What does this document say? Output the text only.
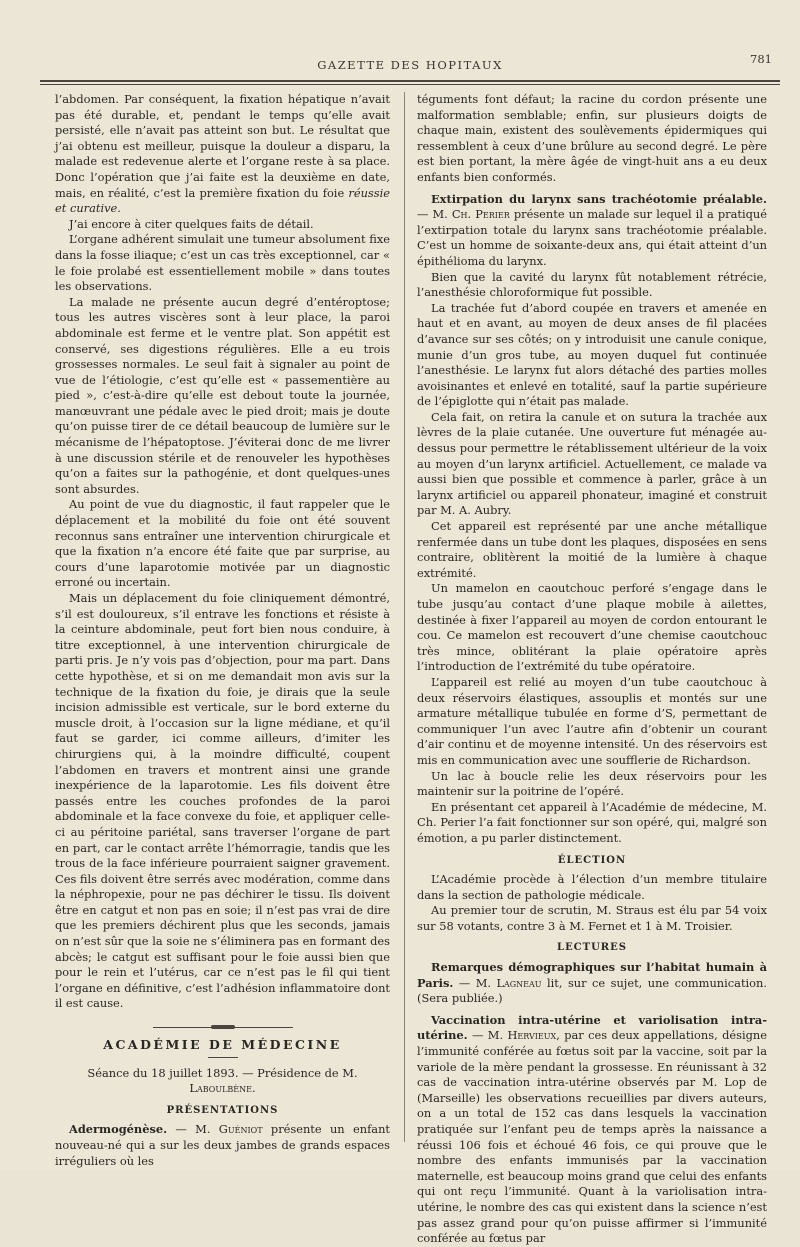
GAZETTE DES HOPITAUX	781

l’abdomen. Par conséquent, la fixation hépatique n’avait pas été durable, et, pendant le temps qu’elle avait persisté, elle n’avait pas atteint son but. Le résultat que j’ai obtenu est meilleur, puisque la douleur a disparu, la malade est redevenue alerte et l’organe reste à sa place. Donc l’opération que j’ai faite est la deuxième en date, mais, en réalité, c’est la première fixation du foie réussie et curative.

J’ai encore à citer quelques faits de détail.

L’organe adhérent simulait une tumeur absolument fixe dans la fosse iliaque; c’est un cas très exceptionnel, car « le foie prolabé est essentiellement mobile » dans toutes les observations.

La malade ne présente aucun degré d’entéroptose; tous les autres viscères sont à leur place, la paroi abdominale est ferme et le ventre plat. Son appétit est conservé, ses digestions régulières. Elle a eu trois grossesses normales. Le seul fait à signaler au point de vue de l’étiologie, c’est qu’elle est « passementière au pied », c’est-à-dire qu’elle est debout toute la journée, manœuvrant une pédale avec le pied droit; mais je doute qu’on puisse tirer de ce détail beaucoup de lumière sur le mécanisme de l’hépatoptose. J’éviterai donc de me livrer à une discussion stérile et de renouveler les hypothèses qu’on a faites sur la pathogénie, et dont quelques-unes sont absurdes.

Au point de vue du diagnostic, il faut rappeler que le déplacement et la mobilité du foie ont été souvent reconnus sans entraîner une intervention chirurgicale et que la fixation n’a encore été faite que par surprise, au cours d’une laparotomie motivée par un diagnostic erroné ou incertain.

Mais un déplacement du foie cliniquement démontré, s’il est douloureux, s’il entrave les fonctions et résiste à la ceinture abdominale, peut fort bien nous conduire, à titre exceptionnel, à une intervention chirurgicale de parti pris. Je n’y vois pas d’objection, pour ma part. Dans cette hypothèse, et si on me demandait mon avis sur la technique de la fixation du foie, je dirais que la seule incision admissible est verticale, sur le bord externe du muscle droit, à l’occasion sur la ligne médiane, et qu’il faut se garder, ici comme ailleurs, d’imiter les chirurgiens qui, à la moindre difficulté, coupent l’abdomen en travers et montrent ainsi une grande inexpérience de la laparotomie. Les fils doivent être passés entre les couches profondes de la paroi abdominale et la face convexe du foie, et appliquer celle-ci au péritoine pariétal, sans traverser l’organe de part en part, car le contact arrête l’hémorragie, tandis que les trous de la face inférieure pourraient saigner gravement. Ces fils doivent être serrés avec modération, comme dans la néphropexie, pour ne pas déchirer le tissu. Ils doivent être en catgut et non pas en soie; il n’est pas vrai de dire que les premiers déchirent plus que les seconds, jamais on n’est sûr que la soie ne s’éliminera pas en formant des abcès; le catgut est suffisant pour le foie aussi bien que pour le rein et l’utérus, car ce n’est pas le fil qui tient l’organe en définitive, c’est l’adhésion inflammatoire dont il est cause.

ACADÉMIE DE MÉDECINE

Séance du 18 juillet 1893. — Présidence de M. Laboulbène.

PRÉSENTATIONS

Adermogénèse. — M. Guéniot présente un enfant nouveau-né qui a sur les deux jambes de grands espaces irréguliers où les

téguments font défaut; la racine du cordon présente une malformation semblable; enfin, sur plusieurs doigts de chaque main, existent des soulèvements épidermiques qui ressemblent à ceux d’une brûlure au second degré. Le père est bien portant, la mère âgée de vingt-huit ans a eu deux enfants bien conformés.

Extirpation du larynx sans trachéotomie préalable. — M. Ch. Perier présente un malade sur lequel il a pratiqué l’extirpation totale du larynx sans trachéotomie préalable. C’est un homme de soixante-deux ans, qui était atteint d’un épithélioma du larynx.

Bien que la cavité du larynx fût notablement rétrécie, l’anesthésie chloroformique fut possible.

La trachée fut d’abord coupée en travers et amenée en haut et en avant, au moyen de deux anses de fil placées d’avance sur ses côtés; on y introduisit une canule conique, munie d’un gros tube, au moyen duquel fut continuée l’anesthésie. Le larynx fut alors détaché des parties molles avoisinantes et enlevé en totalité, sauf la partie supérieure de l’épiglotte qui n’était pas malade.

Cela fait, on retira la canule et on sutura la trachée aux lèvres de la plaie cutanée. Une ouverture fut ménagée au-dessus pour permettre le rétablissement ultérieur de la voix au moyen d’un larynx artificiel. Actuellement, ce malade va aussi bien que possible et commence à parler, grâce à un larynx artificiel ou appareil phonateur, imaginé et construit par M. A. Aubry.

Cet appareil est représenté par une anche métallique renfermée dans un tube dont les plaques, disposées en sens contraire, oblitèrent la moitié de la lumière à chaque extrémité.

Un mamelon en caoutchouc perforé s’engage dans le tube jusqu’au contact d’une plaque mobile à ailettes, destinée à fixer l’appareil au moyen de cordon entourant le cou. Ce mamelon est recouvert d’une chemise caoutchouc très mince, oblitérant la plaie opératoire après l’introduction de l’extrémité du tube opératoire.

L’appareil est relié au moyen d’un tube caoutchouc à deux réservoirs élastiques, assouplis et montés sur une armature métallique tubulée en forme d’S, permettant de communiquer l’un avec l’autre afin d’obtenir un courant d’air continu et de moyenne intensité. Un des réservoirs est mis en communication avec une soufflerie de Richardson.

Un lac à boucle relie les deux réservoirs pour les maintenir sur la poitrine de l’opéré.

En présentant cet appareil à l’Académie de médecine, M. Ch. Perier l’a fait fonctionner sur son opéré, qui, malgré son émotion, a pu parler distinctement.

ÉLECTION

L’Académie procède à l’élection d’un membre titulaire dans la section de pathologie médicale.

Au premier tour de scrutin, M. Straus est élu par 54 voix sur 58 votants, contre 3 à M. Fernet et 1 à M. Troisier.

LECTURES

Remarques démographiques sur l’habitat humain à Paris. — M. Lagneau lit, sur ce sujet, une communication. (Sera publiée.)

Vaccination intra-utérine et variolisation intra-utérine. — M. Hervieux, par ces deux appellations, désigne l’immunité conférée au fœtus soit par la vaccine, soit par la variole de la mère pendant la grossesse. En réunissant à 32 cas de vaccination intra-utérine observés par M. Lop de (Marseille) les observations recueillies par divers auteurs, on a un total de 152 cas dans lesquels la vaccination pratiquée sur l’enfant peu de temps après la naissance a réussi 106 fois et échoué 46 fois, ce qui prouve que le nombre des enfants immunisés par la vaccination maternelle, est beaucoup moins grand que celui des enfants qui ont reçu l’immunité. Quant à la variolisation intra-utérine, le nombre des cas qui existent dans la science n’est pas assez grand pour qu’on puisse affirmer si l’immunité conférée au fœtus par
